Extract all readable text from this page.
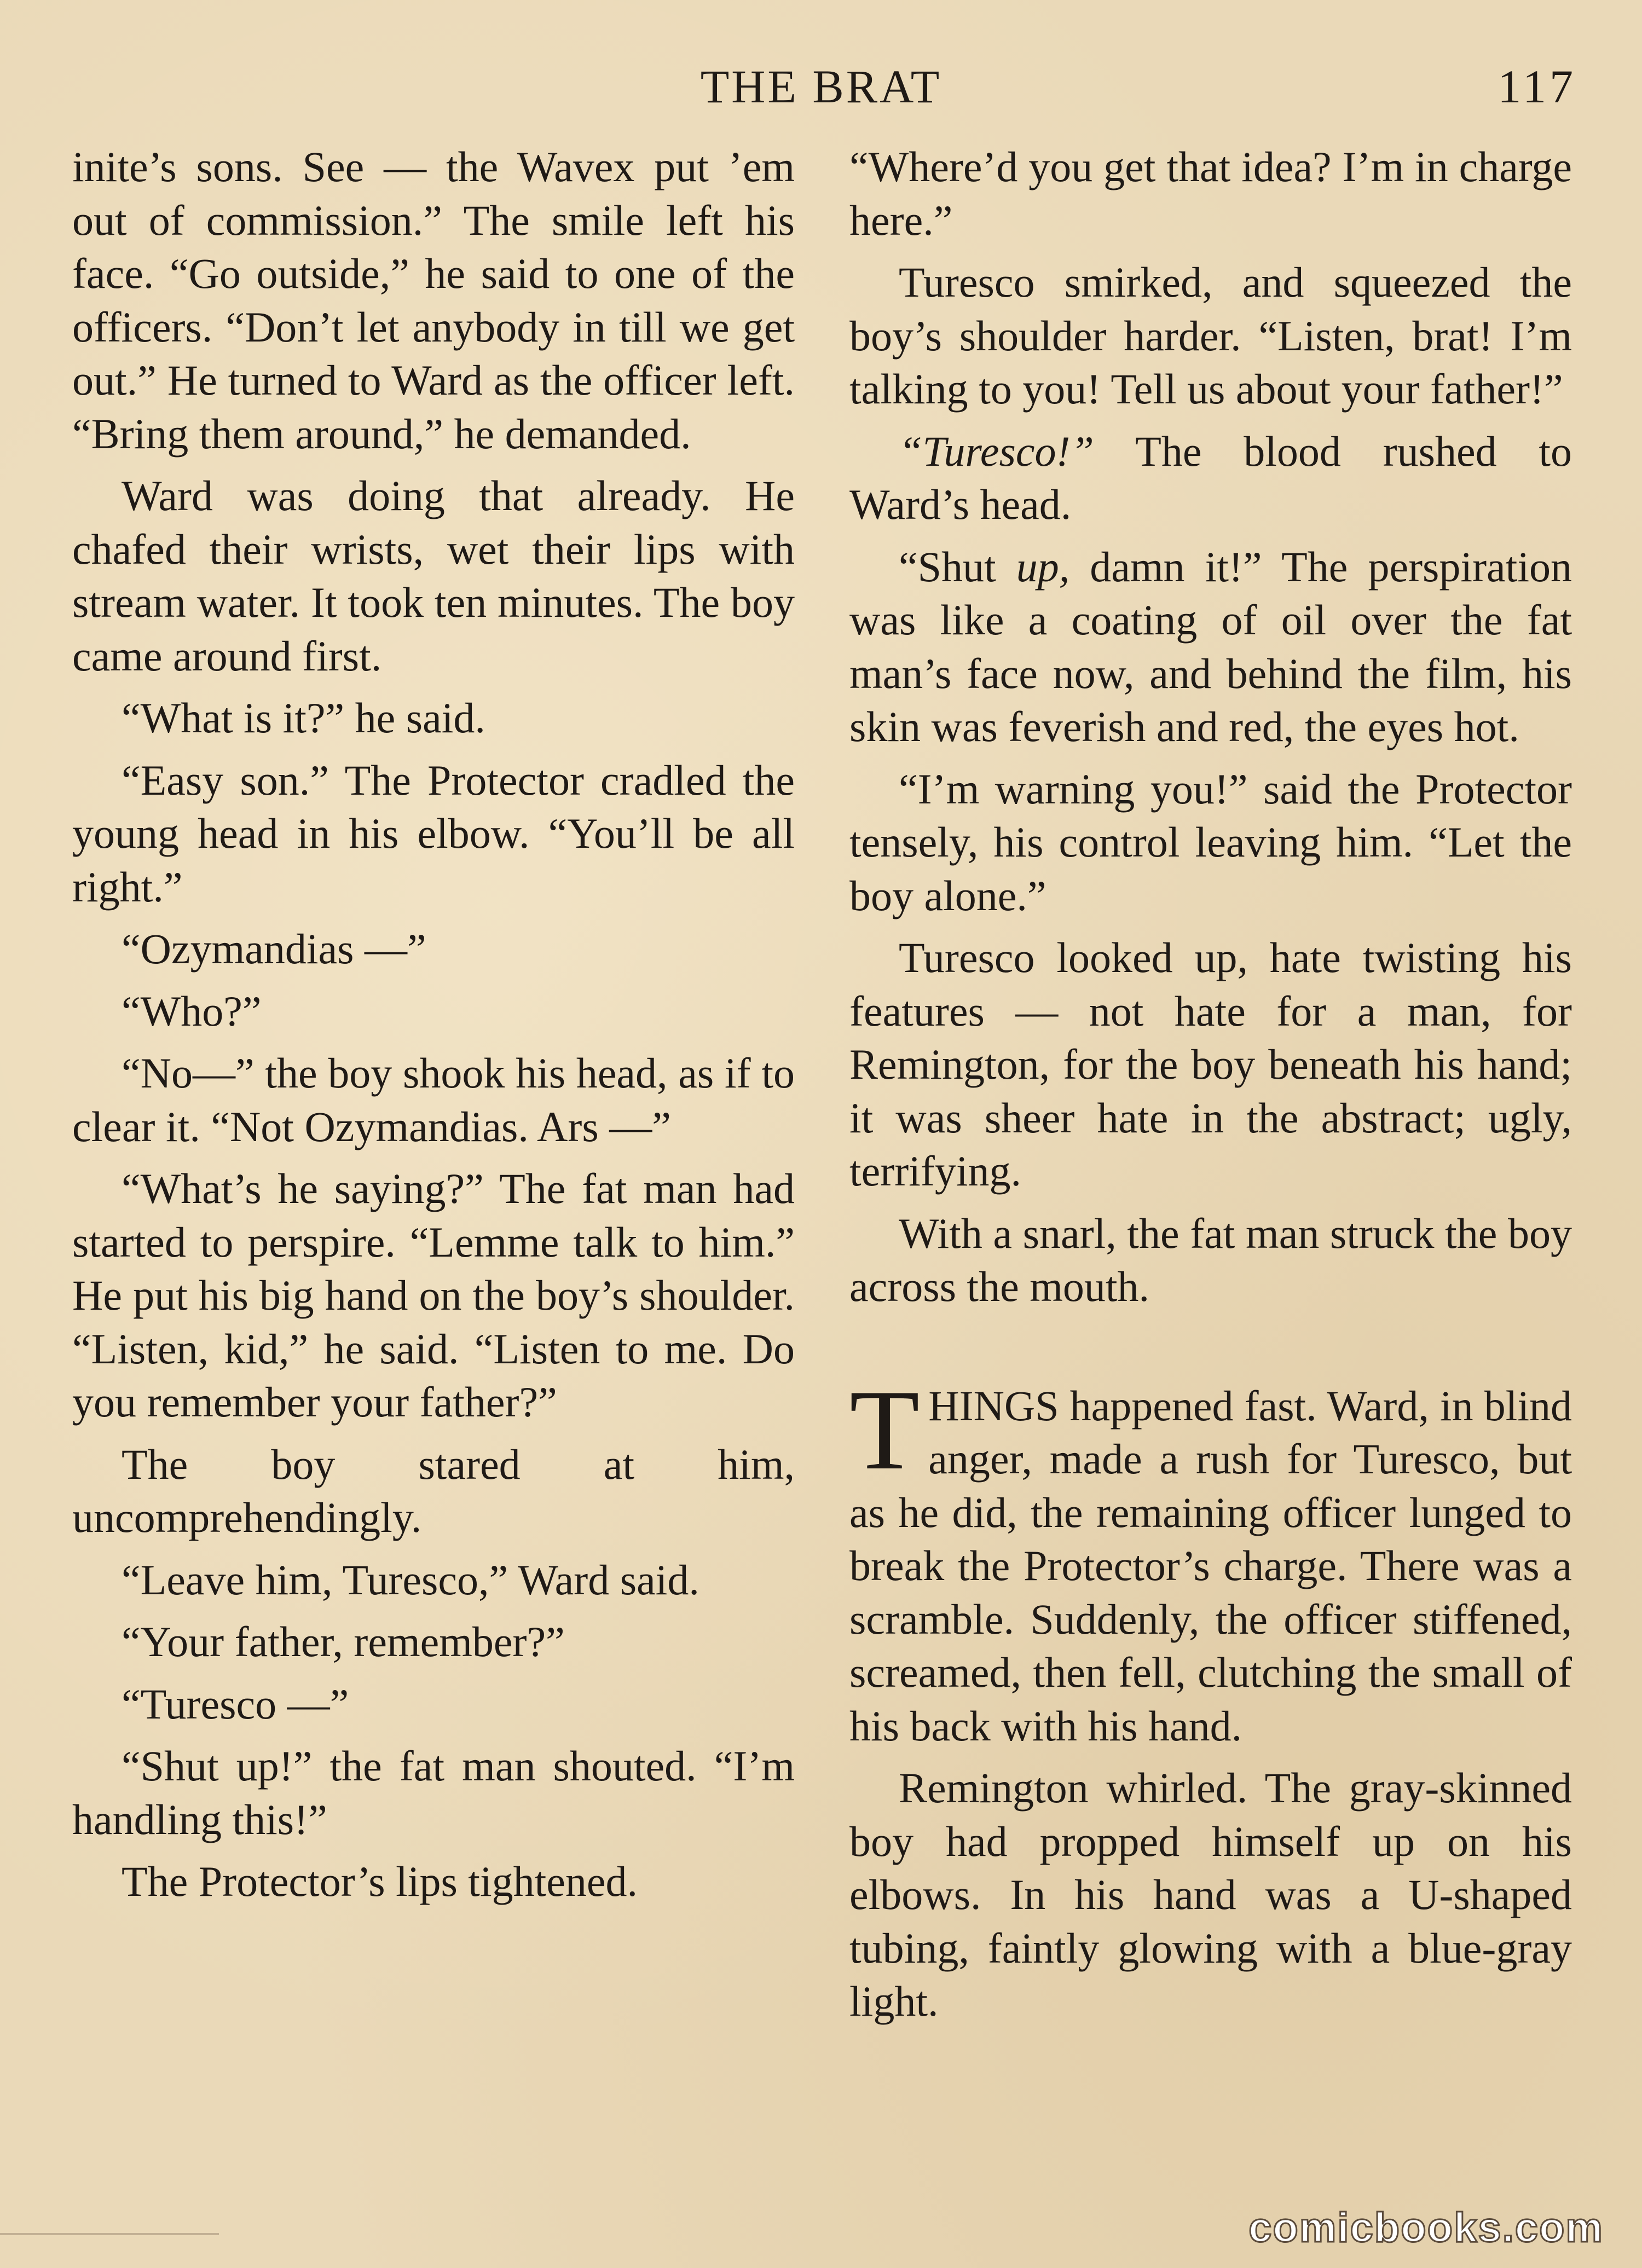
THE BRAT	117

inite’s sons. See — the Wavex put ’em out of commission.” The smile left his face. “Go outside,” he said to one of the officers. “Don’t let anybody in till we get out.” He turned to Ward as the officer left. “Bring them around,” he demanded.

Ward was doing that already. He chafed their wrists, wet their lips with stream water. It took ten minutes. The boy came around first.

“What is it?” he said.

“Easy son.” The Protector cradled the young head in his elbow. “You’ll be all right.”

“Ozymandias —”

“Who?”

“No—” the boy shook his head, as if to clear it. “Not Ozymandias. Ars —”

“What’s he saying?” The fat man had started to perspire. “Lemme talk to him.” He put his big hand on the boy’s shoulder. “Listen, kid,” he said. “Listen to me. Do you remember your father?”

The boy stared at him, uncomprehendingly.

“Leave him, Turesco,” Ward said.

“Your father, remember?”

“Turesco —”

“Shut up!” the fat man shouted. “I’m handling this!”

The Protector’s lips tightened.

“Where’d you get that idea? I’m in charge here.”

Turesco smirked, and squeezed the boy’s shoulder harder. “Listen, brat! I’m talking to you! Tell us about your father!”

“Turesco!” The blood rushed to Ward’s head.

“Shut up, damn it!” The perspiration was like a coating of oil over the fat man’s face now, and behind the film, his skin was feverish and red, the eyes hot.

“I’m warning you!” said the Protector tensely, his control leaving him. “Let the boy alone.”

Turesco looked up, hate twisting his features — not hate for a man, for Remington, for the boy beneath his hand; it was sheer hate in the abstract; ugly, terrifying.

With a snarl, the fat man struck the boy across the mouth.

THINGS happened fast. Ward, in blind anger, made a rush for Turesco, but as he did, the remaining officer lunged to break the Protector’s charge. There was a scramble. Suddenly, the officer stiffened, screamed, then fell, clutching the small of his back with his hand.

Remington whirled. The gray-skinned boy had propped himself up on his elbows. In his hand was a U-shaped tubing, faintly glowing with a blue-gray light.

comicbooks.com
